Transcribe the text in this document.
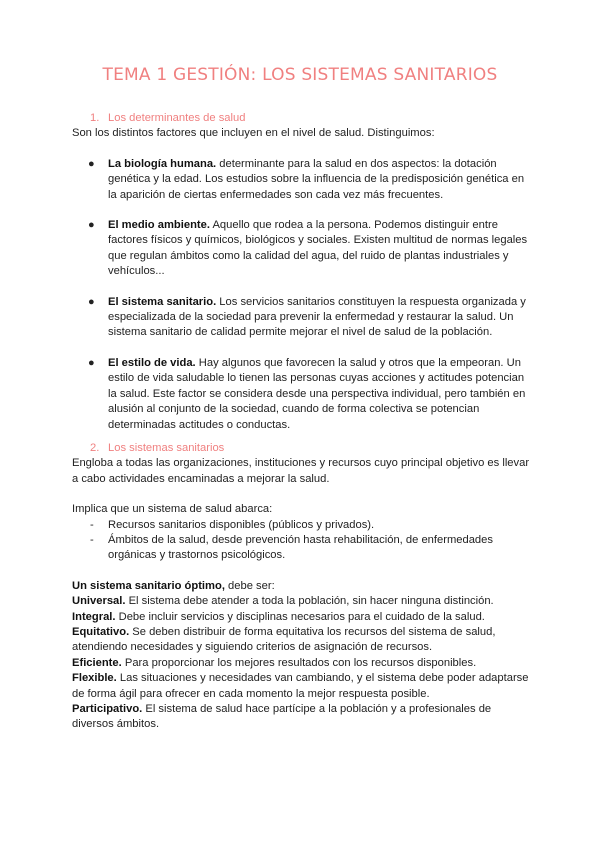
TEMA 1 GESTIÓN: LOS SISTEMAS SANITARIOS
1. Los determinantes de salud

Son los distintos factores que incluyen en el nivel de salud. Distinguimos:

● La biología humana. determinante para la salud en dos aspectos: la dotación genética y la edad. Los estudios sobre la influencia de la predisposición genética en la aparición de ciertas enfermedades son cada vez más frecuentes.
● El medio ambiente. Aquello que rodea a la persona. Podemos distinguir entre factores físicos y químicos, biológicos y sociales. Existen multitud de normas legales que regulan ámbitos como la calidad del agua, del ruido de plantas industriales y vehículos...
● El sistema sanitario. Los servicios sanitarios constituyen la respuesta organizada y especializada de la sociedad para prevenir la enfermedad y restaurar la salud. Un sistema sanitario de calidad permite mejorar el nivel de salud de la población.
● El estilo de vida. Hay algunos que favorecen la salud y otros que la empeoran. Un estilo de vida saludable lo tienen las personas cuyas acciones y actitudes potencian la salud. Este factor se considera desde una perspectiva individual, pero también en alusión al conjunto de la sociedad, cuando de forma colectiva se potencian determinadas actitudes o conductas.
2. Los sistemas sanitarios

Engloba a todas las organizaciones, instituciones y recursos cuyo principal objetivo es llevar a cabo actividades encaminadas a mejorar la salud.

Implica que un sistema de salud abarca:

- Recursos sanitarios disponibles (públicos y privados).
- Ámbitos de la salud, desde prevención hasta rehabilitación, de enfermedades orgánicas y trastornos psicológicos.

Un sistema sanitario óptimo, debe ser:

Universal. El sistema debe atender a toda la población, sin hacer ninguna distinción.

Integral. Debe incluir servicios y disciplinas necesarios para el cuidado de la salud.

Equitativo. Se deben distribuir de forma equitativa los recursos del sistema de salud, atendiendo necesidades y siguiendo criterios de asignación de recursos.

Eficiente. Para proporcionar los mejores resultados con los recursos disponibles.

Flexible. Las situaciones y necesidades van cambiando, y el sistema debe poder adaptarse de forma ágil para ofrecer en cada momento la mejor respuesta posible.

Participativo. El sistema de salud hace partícipe a la población y a profesionales de diversos ámbitos.
